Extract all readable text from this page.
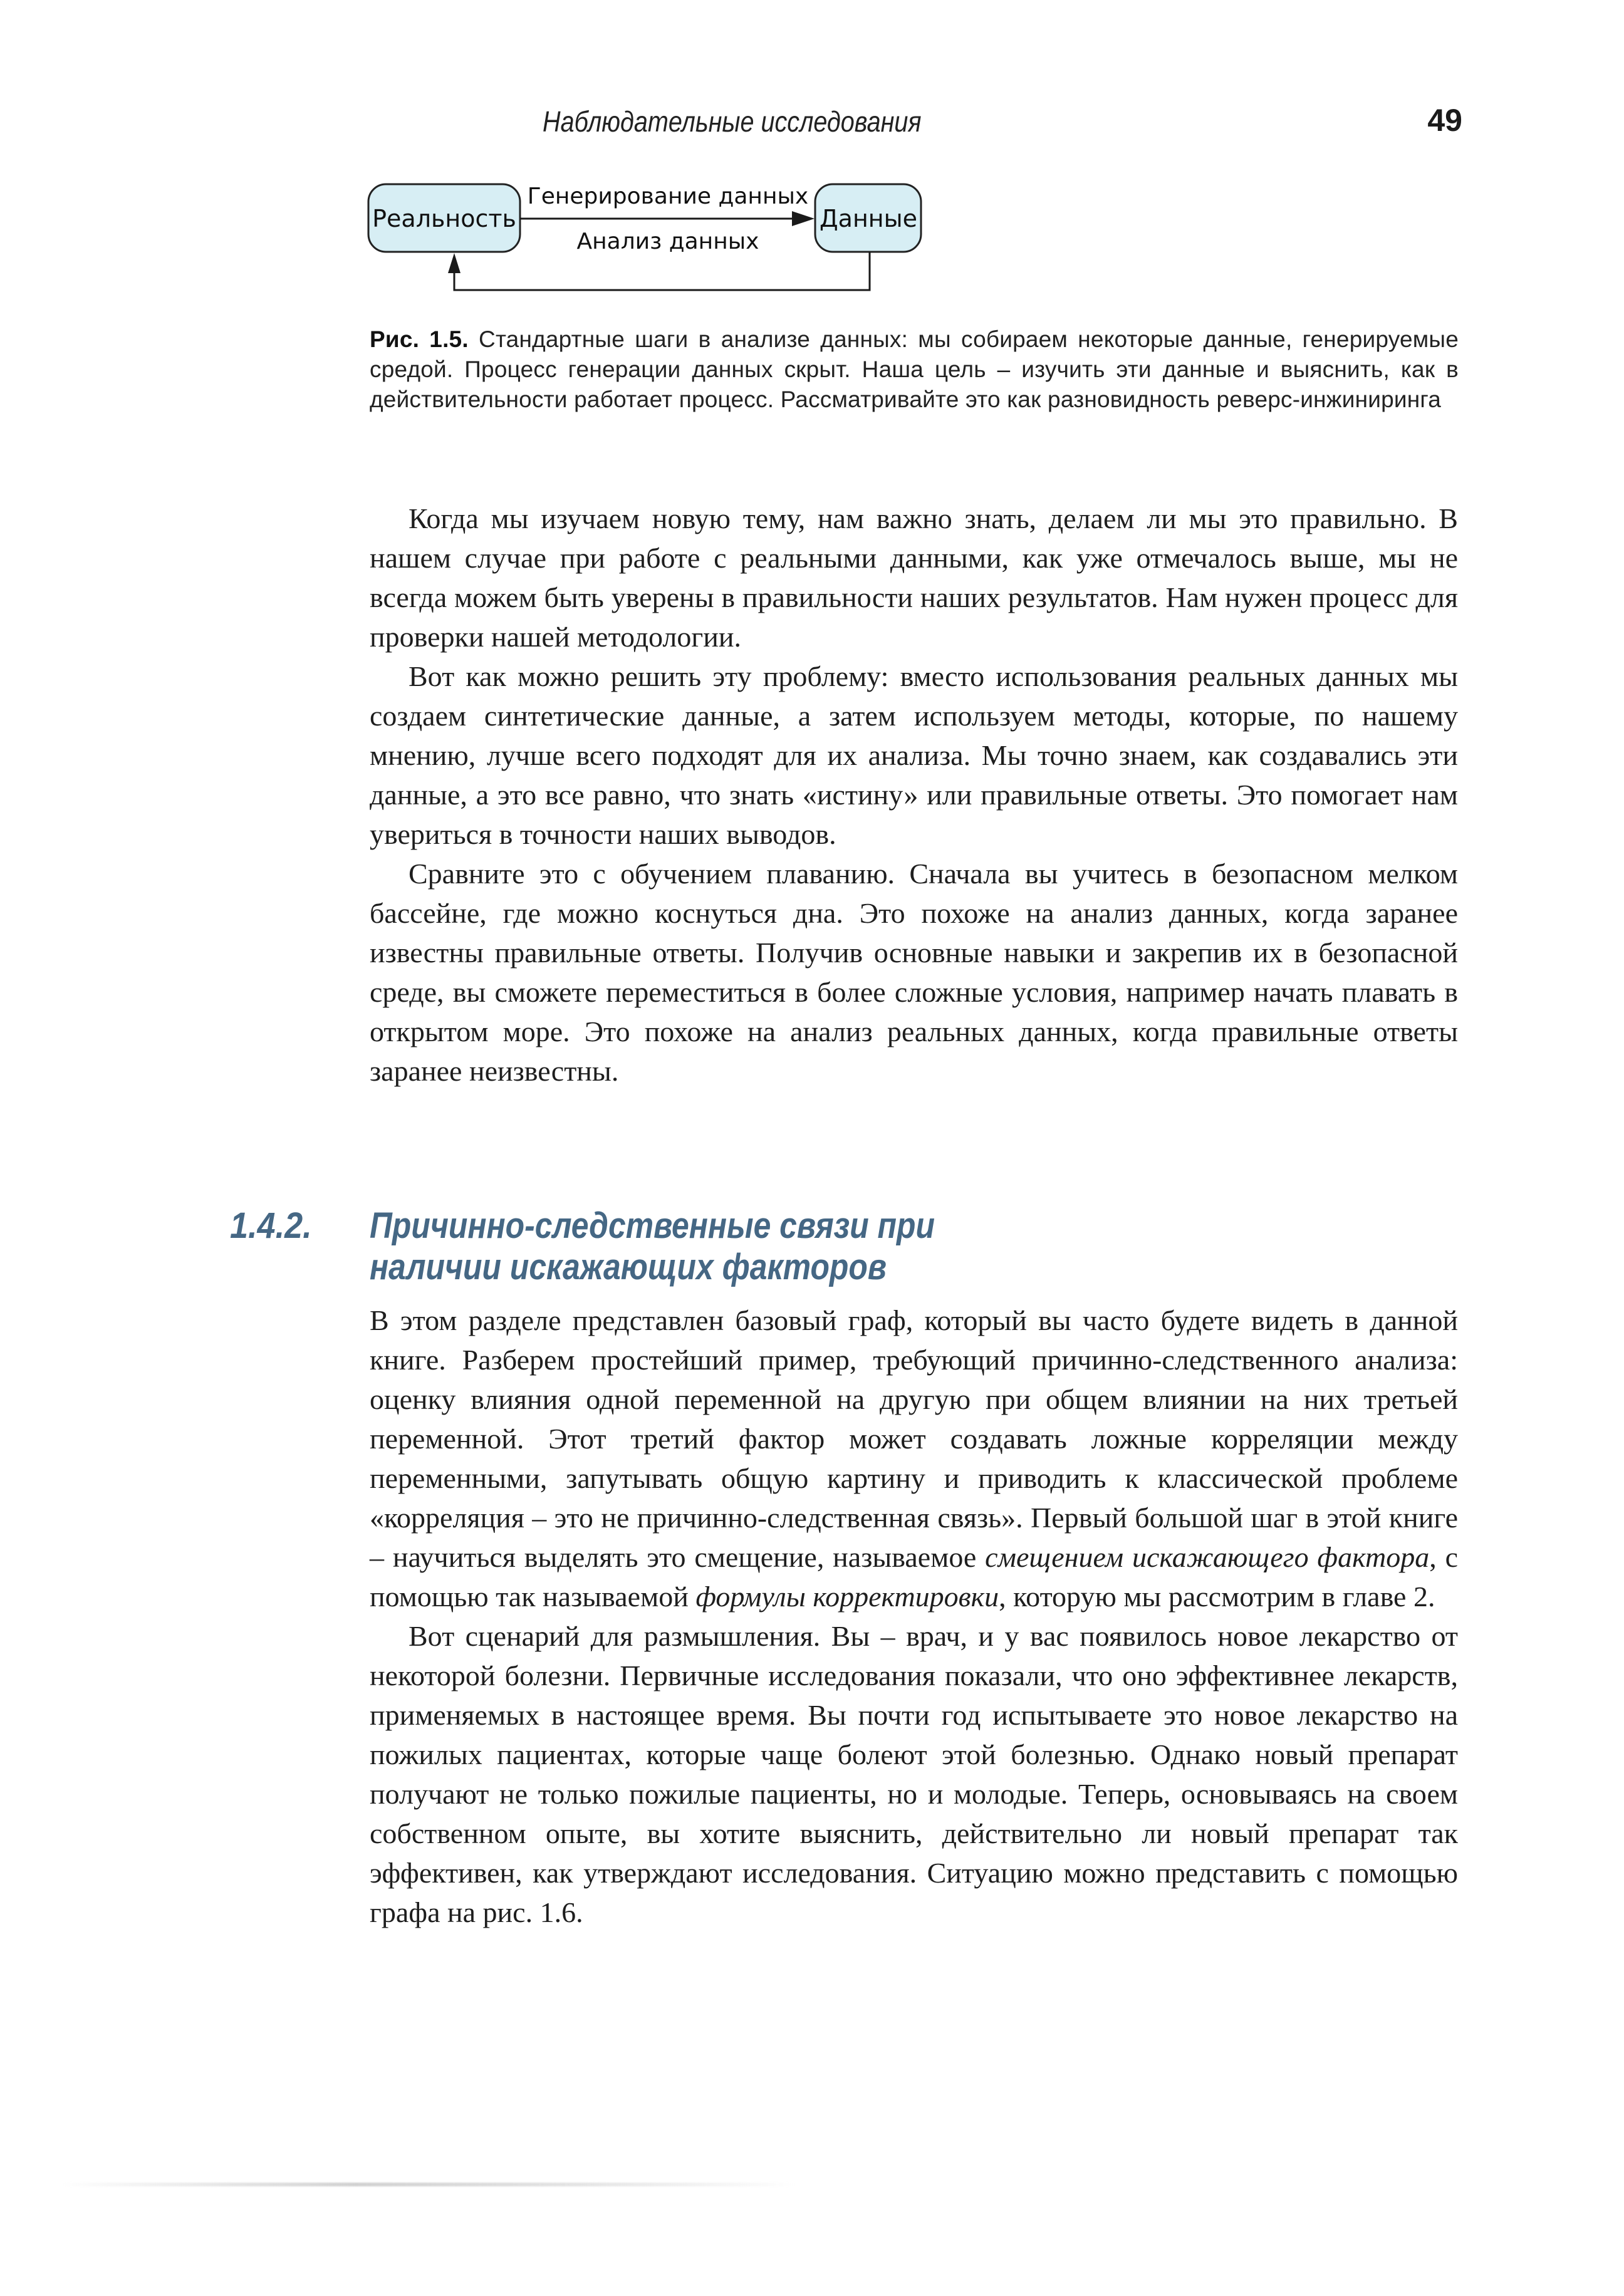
Наблюдательные исследования	49
Реальность	Данные
Генерирование данных
Анализ данных
Рис. 1.5. Стандартные шаги в анализе данных: мы собираем некоторые данные, генерируемые средой. Процесс генерации данных скрыт. Наша цель – изучить эти данные и выяснить, как в действительности работает процесс. Рассматривайте это как разновидность реверс-инжиниринга

Когда мы изучаем новую тему, нам важно знать, делаем ли мы это правильно. В нашем случае при работе с реальными данными, как уже отмечалось выше, мы не всегда можем быть уверены в правильности наших результатов. Нам нужен процесс для проверки нашей методологии.

Вот как можно решить эту проблему: вместо использования реальных данных мы создаем синтетические данные, а затем используем методы, которые, по нашему мнению, лучше всего подходят для их анализа. Мы точно знаем, как создавались эти данные, а это все равно, что знать «истину» или правильные ответы. Это помогает нам увериться в точности наших выводов.

Сравните это с обучением плаванию. Сначала вы учитесь в безопасном мелком бассейне, где можно коснуться дна. Это похоже на анализ данных, когда заранее известны правильные ответы. Получив основные навыки и закрепив их в безопасной среде, вы сможете переместиться в более сложные условия, например начать плавать в открытом море. Это похоже на анализ реальных данных, когда правильные ответы заранее неизвестны.

1.4.2. Причинно-следственные связи при
наличии искажающих факторов

В этом разделе представлен базовый граф, который вы часто будете видеть в данной книге. Разберем простейший пример, требующий причинно-следственного анализа: оценку влияния одной переменной на другую при общем влиянии на них третьей переменной. Этот третий фактор может создавать ложные корреляции между переменными, запутывать общую картину и приводить к классической проблеме «корреляция – это не причинно-следственная связь». Первый большой шаг в этой книге – научиться выделять это смещение, называемое смещением искажающего фактора, с помощью так называемой формулы корректировки, которую мы рассмотрим в главе 2.

Вот сценарий для размышления. Вы – врач, и у вас появилось новое лекарство от некоторой болезни. Первичные исследования показали, что оно эффективнее лекарств, применяемых в настоящее время. Вы почти год испытываете это новое лекарство на пожилых пациентах, которые чаще болеют этой болезнью. Однако новый препарат получают не только пожилые пациенты, но и молодые. Теперь, основываясь на своем собственном опыте, вы хотите выяснить, действительно ли новый препарат так эффективен, как утверждают исследования. Ситуацию можно представить с помощью графа на рис. 1.6.
